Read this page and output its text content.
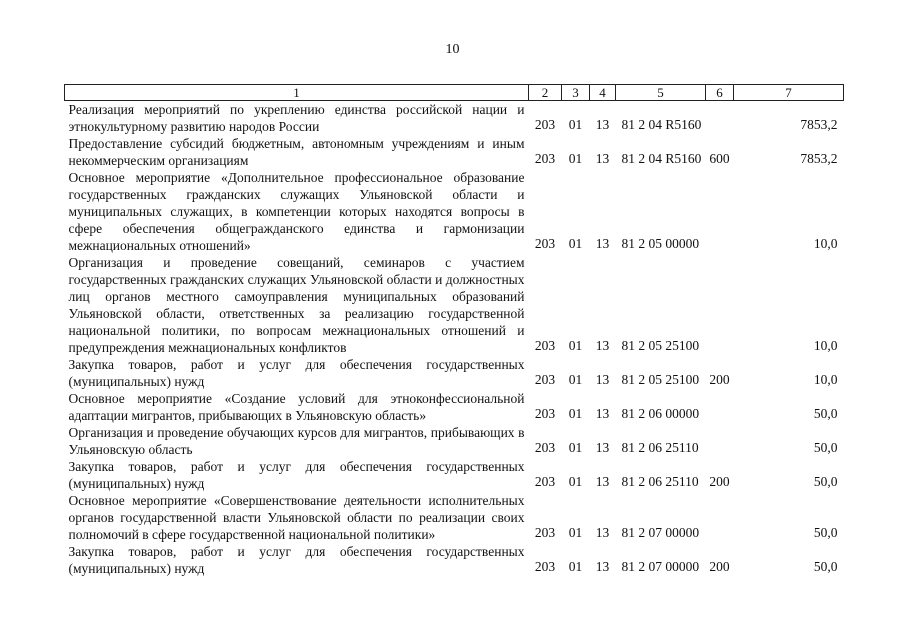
10
1	2	3	4	5	6	7
Реализация мероприятий по укреплению единства российской нации и этнокультурному развитию народов России	203	01	13	81 2 04 R5160		7853,2
Предоставление субсидий бюджетным, автономным учреждениям и иным некоммерческим организациям	203	01	13	81 2 04 R5160	600	7853,2
Основное мероприятие «Дополнительное профессиональное образование государственных гражданских служащих Ульяновской области и муниципальных служащих, в компетенции которых находятся вопросы в сфере обеспечения общегражданского единства и гармонизации межнациональных отношений»	203	01	13	81 2 05 00000		10,0
Организация и проведение совещаний, семинаров с участием государственных гражданских служащих Ульяновской области и должностных лиц органов местного самоуправления муниципальных образований Ульяновской области, ответственных за реализацию государственной национальной политики, по вопросам межнациональных отношений и предупреждения межнациональных конфликтов	203	01	13	81 2 05 25100		10,0
Закупка товаров, работ и услуг для обеспечения государственных (муниципальных) нужд	203	01	13	81 2 05 25100	200	10,0
Основное мероприятие «Создание условий для этноконфессиональной адаптации мигрантов, прибывающих в Ульяновскую область»	203	01	13	81 2 06 00000		50,0
Организация и проведение обучающих курсов для мигрантов, прибывающих в Ульяновскую область	203	01	13	81 2 06 25110		50,0
Закупка товаров, работ и услуг для обеспечения государственных (муниципальных) нужд	203	01	13	81 2 06 25110	200	50,0
Основное мероприятие «Совершенствование деятельности исполнительных органов государственной власти Ульяновской области по реализации своих полномочий в сфере государственной национальной политики»	203	01	13	81 2 07 00000		50,0
Закупка товаров, работ и услуг для обеспечения государственных (муниципальных) нужд	203	01	13	81 2 07 00000	200	50,0
